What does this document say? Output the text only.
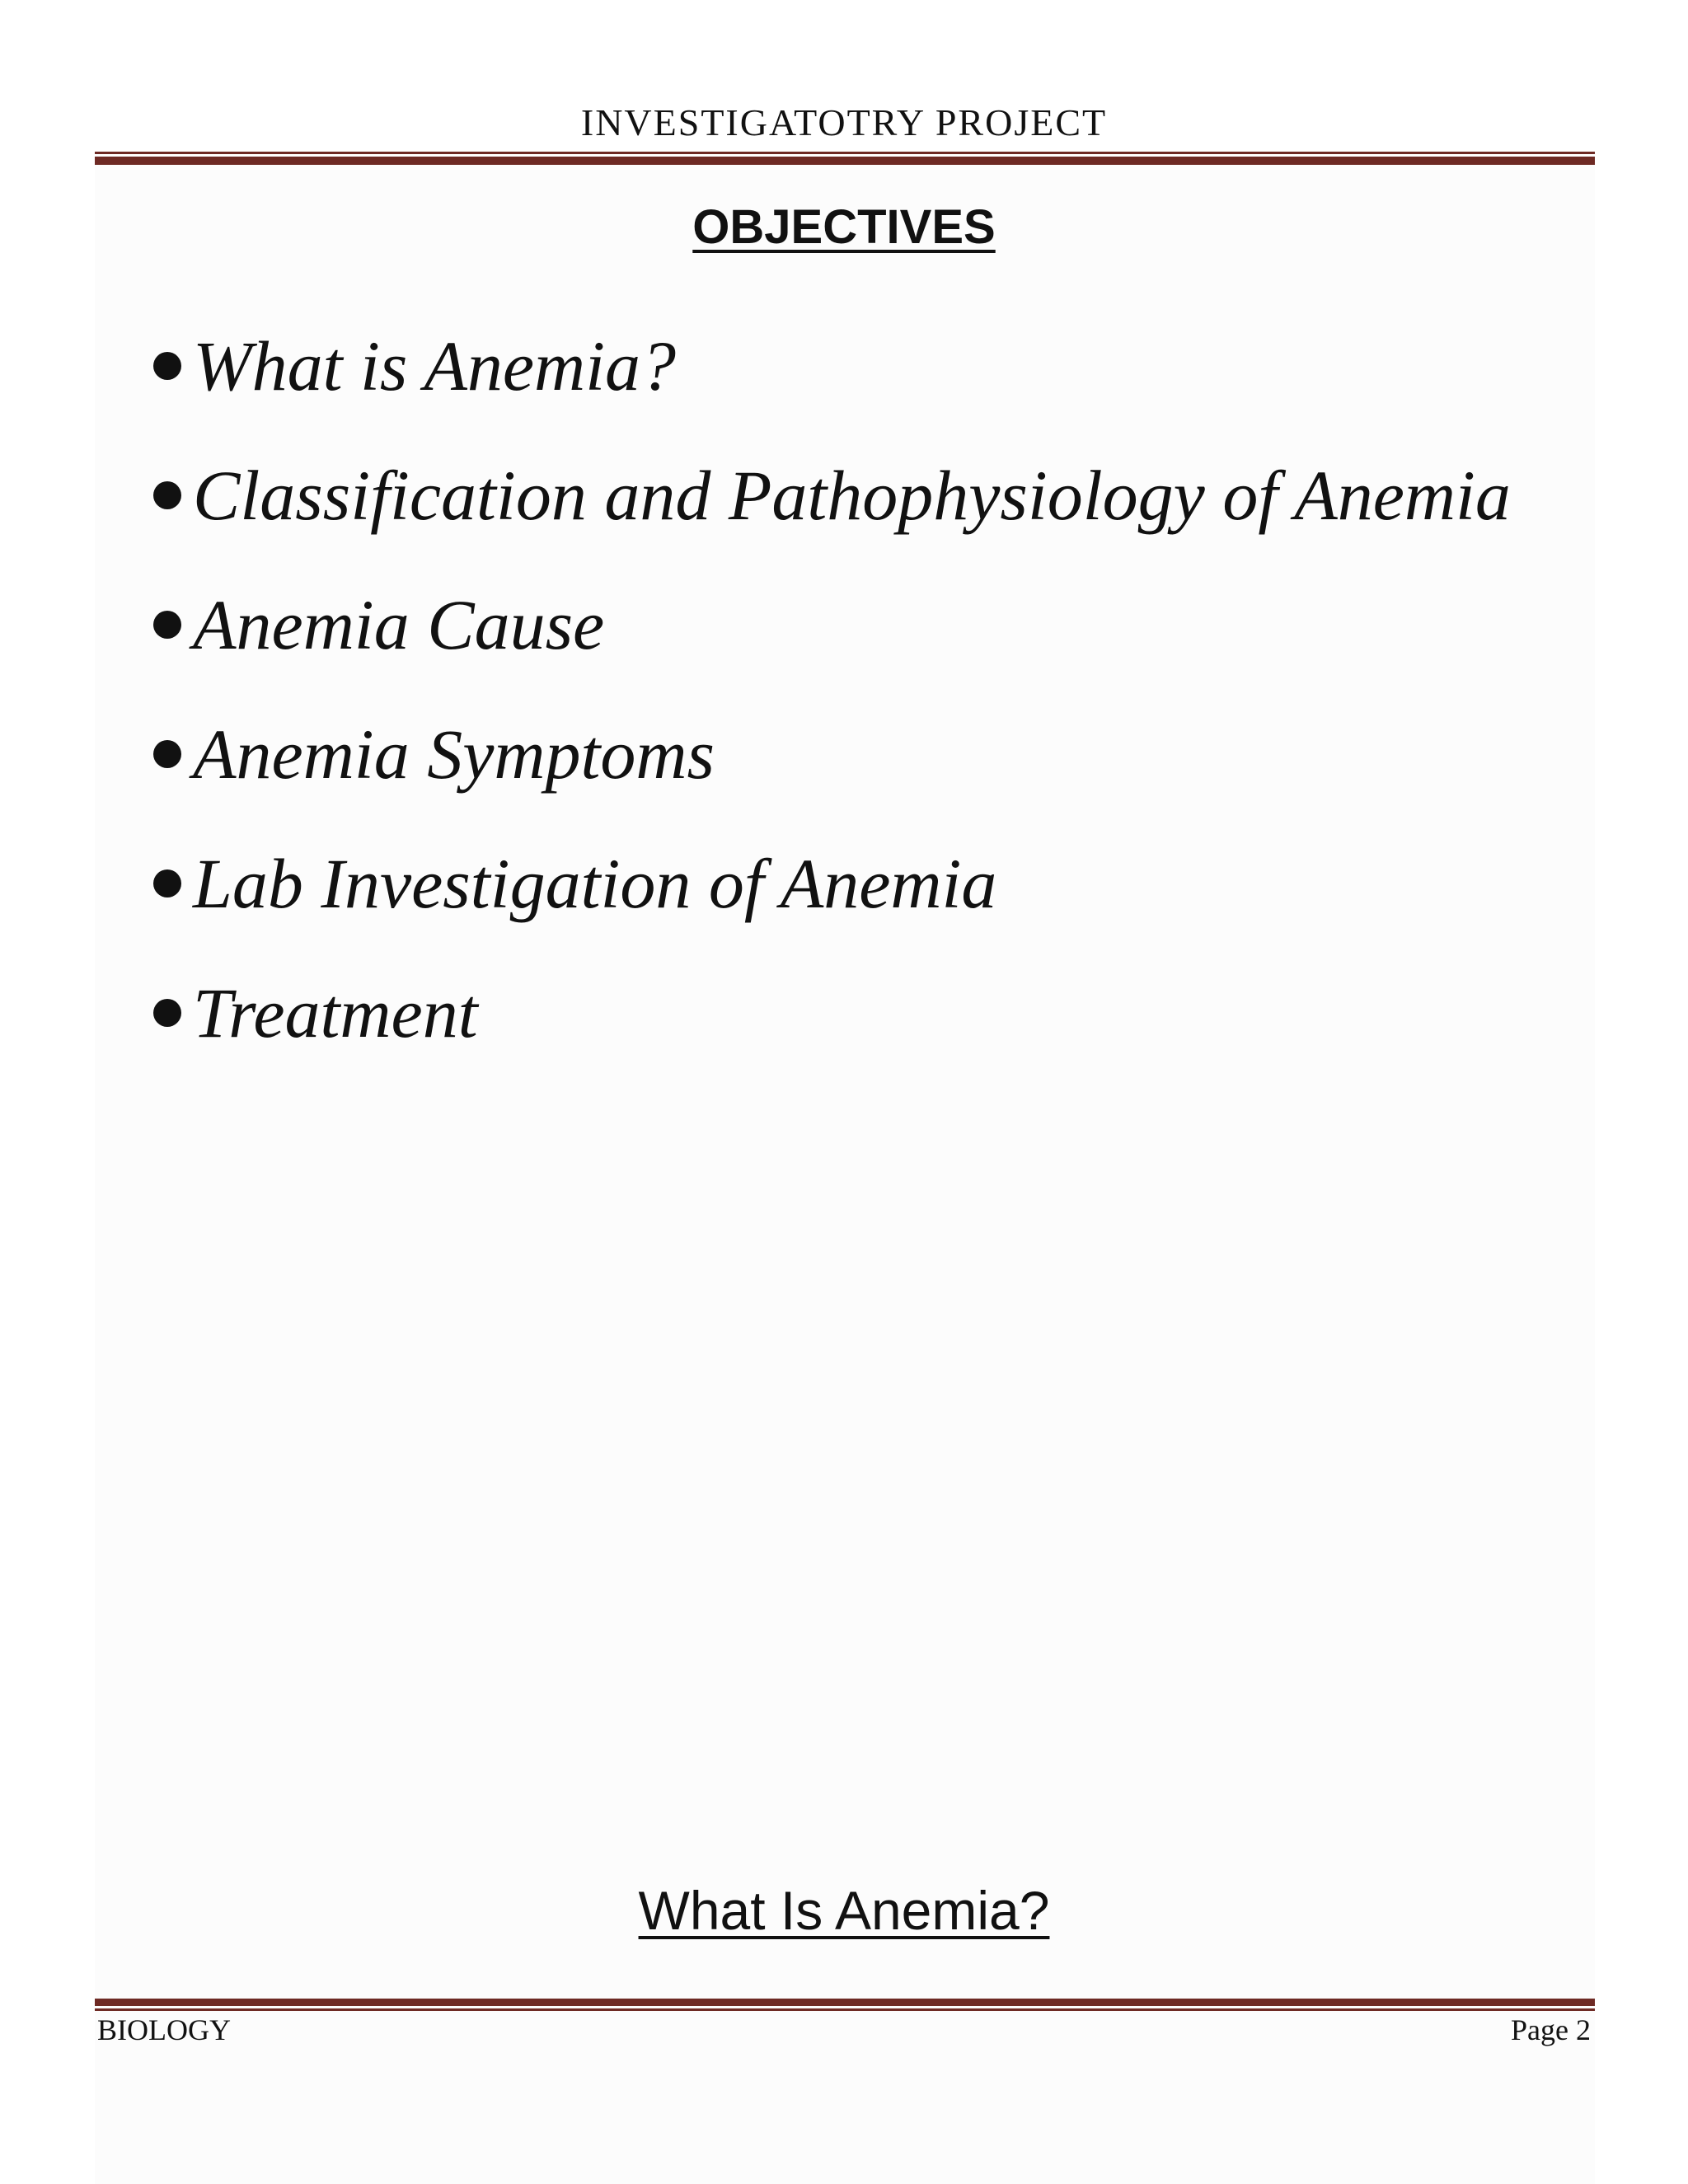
INVESTIGATOTRY PROJECT
OBJECTIVES
What is Anemia?
Classification and Pathophysiology of Anemia
Anemia Cause
Anemia Symptoms
Lab Investigation of Anemia
Treatment
What Is Anemia?
BIOLOGY	Page 2
